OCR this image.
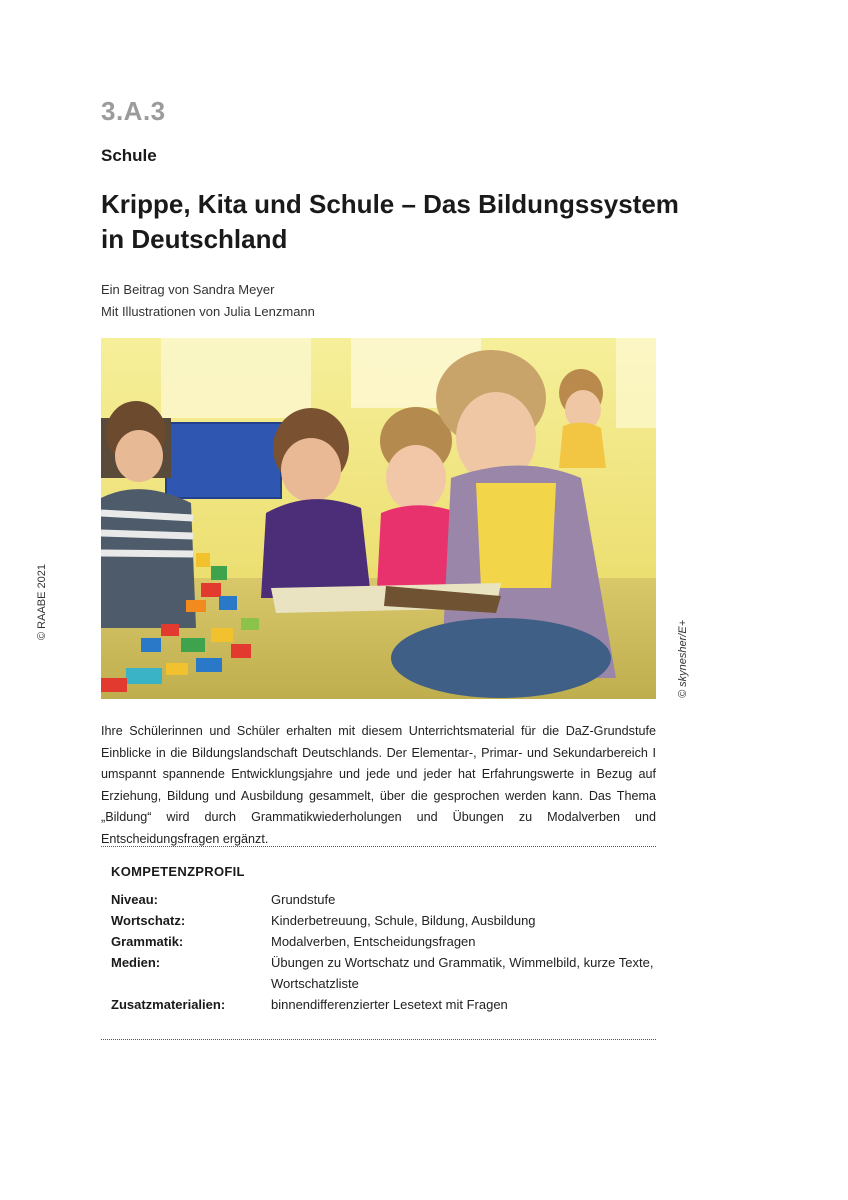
3.A.3
Schule
Krippe, Kita und Schule – Das Bildungssystem in Deutschland
Ein Beitrag von Sandra Meyer
Mit Illustrationen von Julia Lenzmann
© RAABE 2021
© skynesher/E+

Ihre Schülerinnen und Schüler erhalten mit diesem Unterrichtsmaterial für die DaZ-Grundstufe Einblicke in die Bildungslandschaft Deutschlands. Der Elementar-, Primar- und Sekundarbereich I umspannt spannende Entwicklungsjahre und jede und jeder hat Erfahrungswerte in Bezug auf Erziehung, Bildung und Ausbildung gesammelt, über die gesprochen werden kann. Das Thema „Bildung“ wird durch Grammatikwiederholungen und Übungen zu Modalverben und Entscheidungsfragen ergänzt.

KOMPETENZPROFIL
Niveau:	Grundstufe
Wortschatz:	Kinderbetreuung, Schule, Bildung, Ausbildung
Grammatik:	Modalverben, Entscheidungsfragen
Medien:	Übungen zu Wortschatz und Grammatik, Wimmelbild, kurze Texte, Wortschatzliste
Zusatzmaterialien:	binnendifferenzierter Lesetext mit Fragen
